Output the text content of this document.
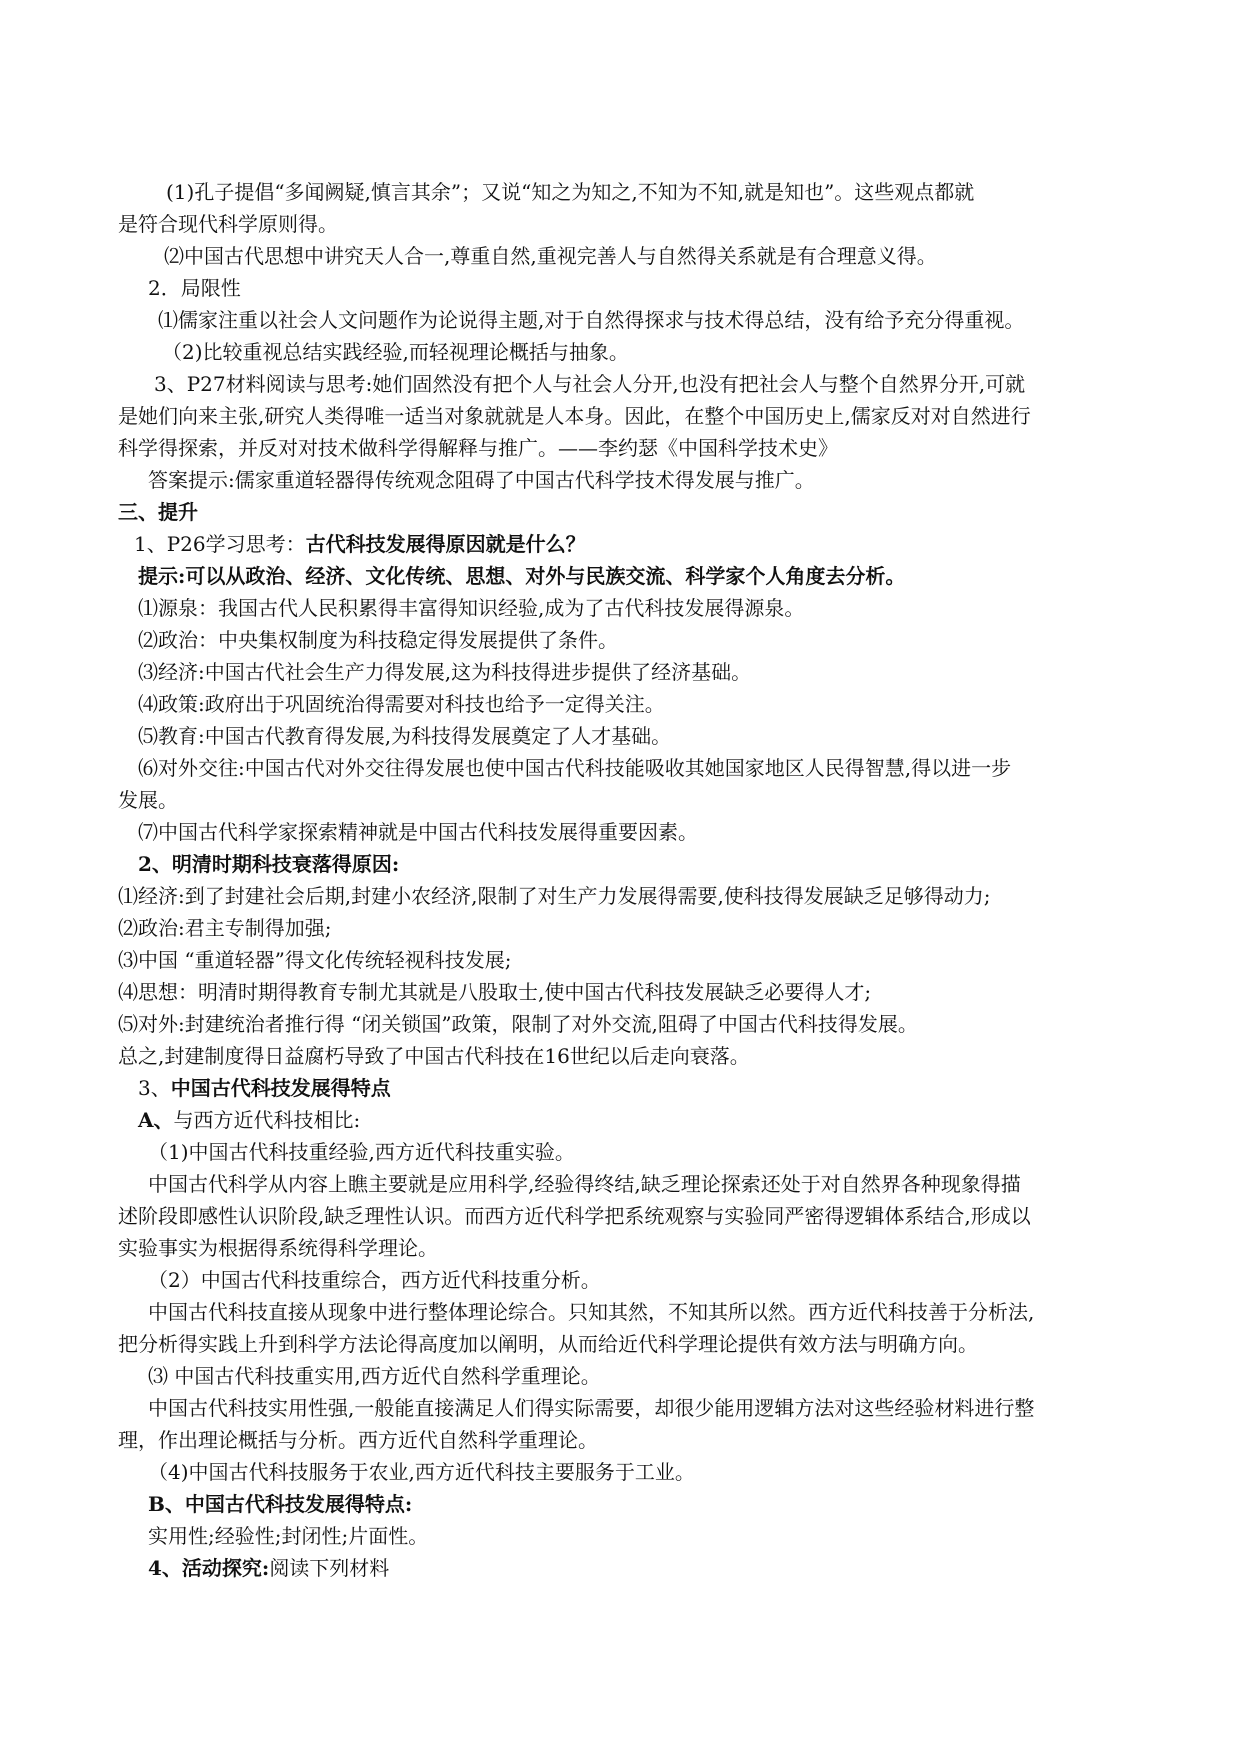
(1)孔子提倡“多闻阙疑,慎言其余”；又说“知之为知之,不知为不知,就是知也”。这些观点都就
是符合现代科学原则得。
⑵中国古代思想中讲究天人合一,尊重自然,重视完善人与自然得关系就是有合理意义得。
2．局限性
⑴儒家注重以社会人文问题作为论说得主题,对于自然得探求与技术得总结，没有给予充分得重视。
（2)比较重视总结实践经验,而轻视理论概括与抽象。
3、P27材料阅读与思考:她们固然没有把个人与社会人分开,也没有把社会人与整个自然界分开,可就
是她们向来主张,研究人类得唯一适当对象就就是人本身。因此，在整个中国历史上,儒家反对对自然进行
科学得探索，并反对对技术做科学得解释与推广。——李约瑟《中国科学技术史》
答案提示:儒家重道轻器得传统观念阻碍了中国古代科学技术得发展与推广。
三、提升
1、P26学习思考：古代科技发展得原因就是什么？
提示:可以从政治、经济、文化传统、思想、对外与民族交流、科学家个人角度去分析。
⑴源泉：我国古代人民积累得丰富得知识经验,成为了古代科技发展得源泉。
⑵政治：中央集权制度为科技稳定得发展提供了条件。
⑶经济:中国古代社会生产力得发展,这为科技得进步提供了经济基础。
⑷政策:政府出于巩固统治得需要对科技也给予一定得关注。
⑸教育:中国古代教育得发展,为科技得发展奠定了人才基础。
⑹对外交往:中国古代对外交往得发展也使中国古代科技能吸收其她国家地区人民得智慧,得以进一步
发展。
⑺中国古代科学家探索精神就是中国古代科技发展得重要因素。
2、明清时期科技衰落得原因:
⑴经济:到了封建社会后期,封建小农经济,限制了对生产力发展得需要,使科技得发展缺乏足够得动力;
⑵政治:君主专制得加强;
⑶中国 “重道轻器”得文化传统轻视科技发展;
⑷思想：明清时期得教育专制尤其就是八股取士,使中国古代科技发展缺乏必要得人才;
⑸对外:封建统治者推行得 “闭关锁国”政策，限制了对外交流,阻碍了中国古代科技得发展。
总之,封建制度得日益腐朽导致了中国古代科技在16世纪以后走向衰落。
3、中国古代科技发展得特点
A、与西方近代科技相比:
（1)中国古代科技重经验,西方近代科技重实验。
中国古代科学从内容上瞧主要就是应用科学,经验得终结,缺乏理论探索还处于对自然界各种现象得描
述阶段即感性认识阶段,缺乏理性认识。而西方近代科学把系统观察与实验同严密得逻辑体系结合,形成以
实验事实为根据得系统得科学理论。
（2）中国古代科技重综合，西方近代科技重分析。
中国古代科技直接从现象中进行整体理论综合。只知其然，不知其所以然。西方近代科技善于分析法,
把分析得实践上升到科学方法论得高度加以阐明，从而给近代科学理论提供有效方法与明确方向。
⑶ 中国古代科技重实用,西方近代自然科学重理论。
中国古代科技实用性强,一般能直接满足人们得实际需要，却很少能用逻辑方法对这些经验材料进行整
理，作出理论概括与分析。西方近代自然科学重理论。
（4)中国古代科技服务于农业,西方近代科技主要服务于工业。
B、中国古代科技发展得特点:
实用性;经验性;封闭性;片面性。
4、活动探究:阅读下列材料
